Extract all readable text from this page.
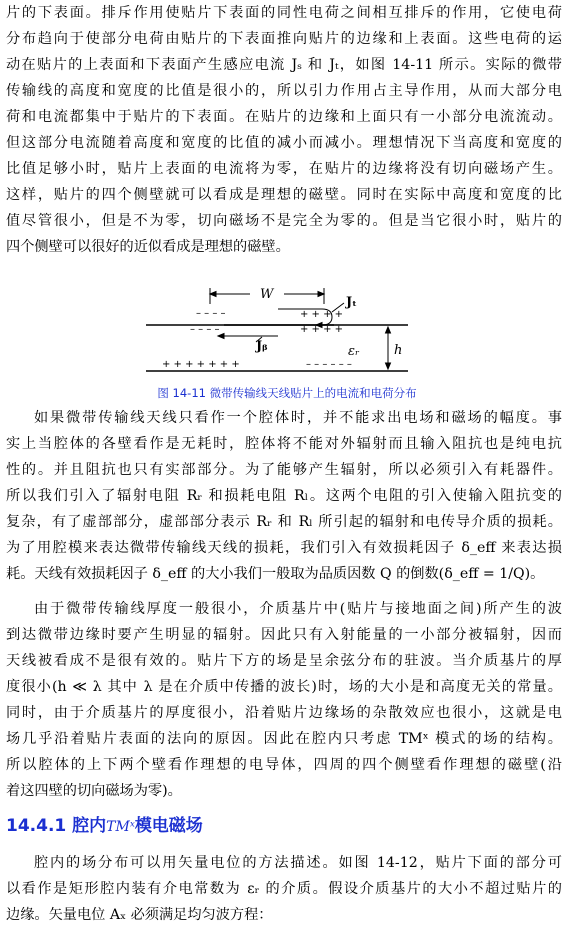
片的下表面。排斥作用使贴片下表面的同性电荷之间相互排斥的作用，它使电荷
分布趋向于使部分电荷由贴片的下表面推向贴片的边缘和上表面。这些电荷的运
动在贴片的上表面和下表面产生感应电流 Jₛ 和 Jₜ，如图 14-11 所示。实际的微带
传输线的高度和宽度的比值是很小的，所以引力作用占主导作用，从而大部分电
荷和电流都集中于贴片的下表面。在贴片的边缘和上面只有一小部分电流流动。
但这部分电流随着高度和宽度的比值的减小而减小。理想情况下当高度和宽度的
比值足够小时，贴片上表面的电流将为零，在贴片的边缘将没有切向磁场产生。
这样，贴片的四个侧壁就可以看成是理想的磁壁。同时在实际中高度和宽度的比
值尽管很小，但是不为零，切向磁场不是完全为零的。但是当它很小时，贴片的
四个侧壁可以很好的近似看成是理想的磁壁。
– – – –
– – – –
+ + + +
+ + + +
+ + + + + + +	– – – – – –
W
εᵣ	h
Jₜ
Jᵦ
图 14-11 微带传输线天线贴片上的电流和电荷分布
如果微带传输线天线只看作一个腔体时，并不能求出电场和磁场的幅度。事
实上当腔体的各壁看作是无耗时，腔体将不能对外辐射而且输入阻抗也是纯电抗
性的。并且阻抗也只有实部部分。为了能够产生辐射，所以必须引入有耗器件。
所以我们引入了辐射电阻 Rᵣ 和损耗电阻 Rₗ。这两个电阻的引入使输入阻抗变的
复杂，有了虚部部分，虚部部分表示 Rᵣ 和 Rₗ 所引起的辐射和电传导介质的损耗。
为了用腔模来表达微带传输线天线的损耗，我们引入有效损耗因子 δ_eff 来表达损
耗。天线有效损耗因子 δ_eff 的大小我们一般取为品质因数 Q 的倒数(δ_eff = 1/Q)。
由于微带传输线厚度一般很小，介质基片中(贴片与接地面之间)所产生的波
到达微带边缘时要产生明显的辐射。因此只有入射能量的一小部分被辐射，因而
天线被看成不是很有效的。贴片下方的场是呈余弦分布的驻波。当介质基片的厚
度很小(h ≪ λ 其中 λ 是在介质中传播的波长)时，场的大小是和高度无关的常量。
同时，由于介质基片的厚度很小，沿着贴片边缘场的杂散效应也很小，这就是电
场几乎沿着贴片表面的法向的原因。因此在腔内只考虑 TMˣ 模式的场的结构。
所以腔体的上下两个壁看作理想的电导体，四周的四个侧壁看作理想的磁壁(沿
着这四壁的切向磁场为零)。
14.4.1 腔内TMˣ模电磁场
腔内的场分布可以用矢量电位的方法描述。如图 14-12，贴片下面的部分可
以看作是矩形腔内装有介电常数为 εᵣ 的介质。假设介质基片的大小不超过贴片的
边缘。矢量电位 Aₓ 必须满足均匀波方程：
